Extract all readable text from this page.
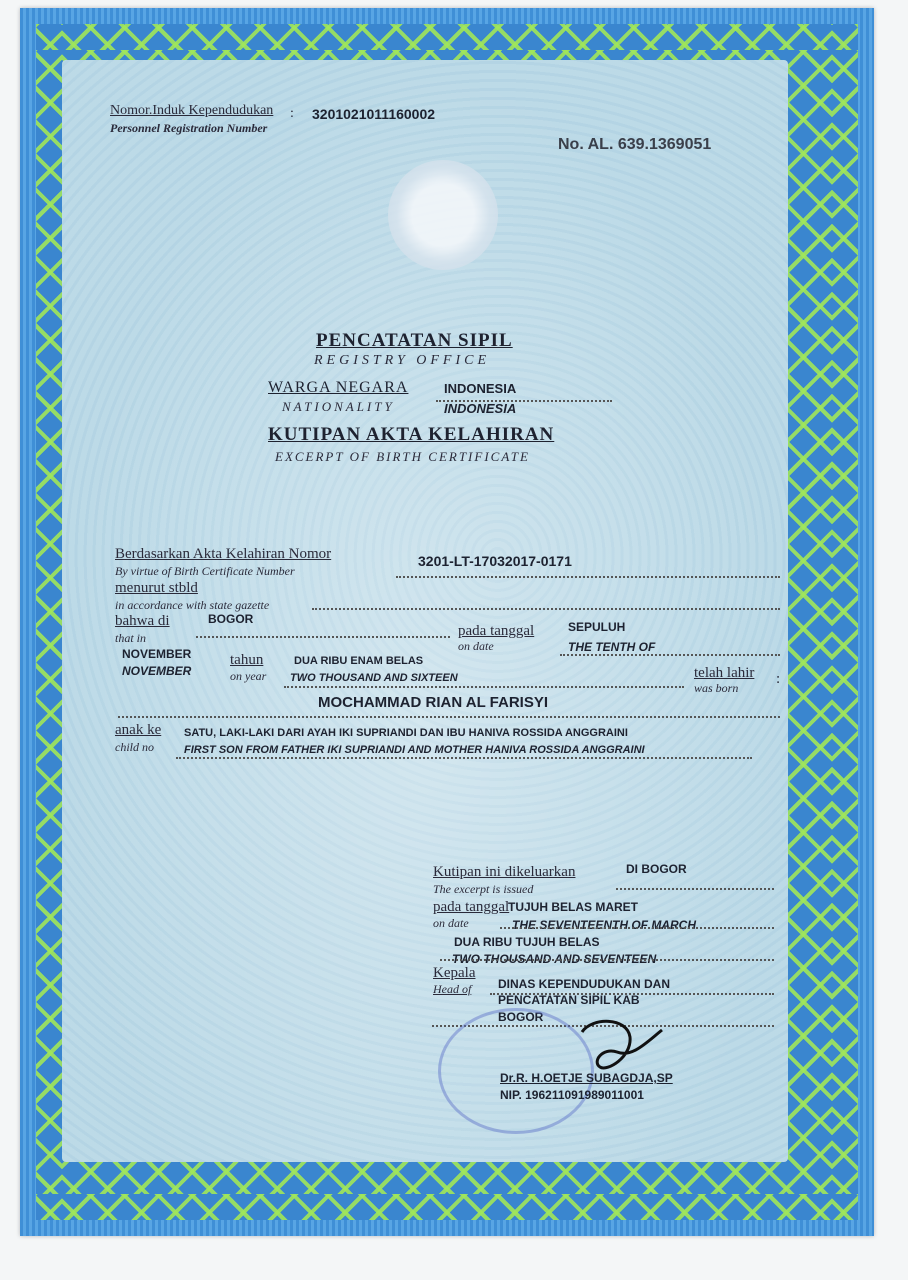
Nomor.Induk Kependudukan
Personnel Registration Number
: 3201021011160002
No. AL. 639.1369051
PENCATATAN SIPIL
REGISTRY OFFICE
WARGA NEGARA	INDONESIA
NATIONALITY	INDONESIA
KUTIPAN AKTA KELAHIRAN
EXCERPT OF BIRTH CERTIFICATE
Berdasarkan Akta Kelahiran Nomor
By virtue of Birth Certificate Number
3201-LT-17032017-0171
menurut stbld
in accordance with state gazette
bahwa di
that in
BOGOR
pada tanggal
on date
SEPULUH
THE TENTH OF
NOVEMBER
NOVEMBER
tahun
on year
DUA RIBU ENAM BELAS
TWO THOUSAND AND SIXTEEN	telah lahir
was born
:
MOCHAMMAD RIAN AL FARISYI
anak ke
child no
SATU, LAKI-LAKI DARI AYAH IKI SUPRIANDI DAN IBU HANIVA ROSSIDA ANGGRAINI
FIRST SON FROM FATHER IKI SUPRIANDI AND MOTHER HANIVA ROSSIDA ANGGRAINI
Kutipan ini dikeluarkan
The excerpt is issued
DI BOGOR
pada tanggal
on date
TUJUH BELAS MARET
THE SEVENTEENTH OF MARCH
DUA RIBU TUJUH BELAS
TWO THOUSAND AND SEVENTEEN
Kepala
Head of DINAS KEPENDUDUKAN DAN
PENCATATAN SIPIL KAB
BOGOR
Dr.R. H.OETJE SUBAGDJA,SP
NIP. 196211091989011001
